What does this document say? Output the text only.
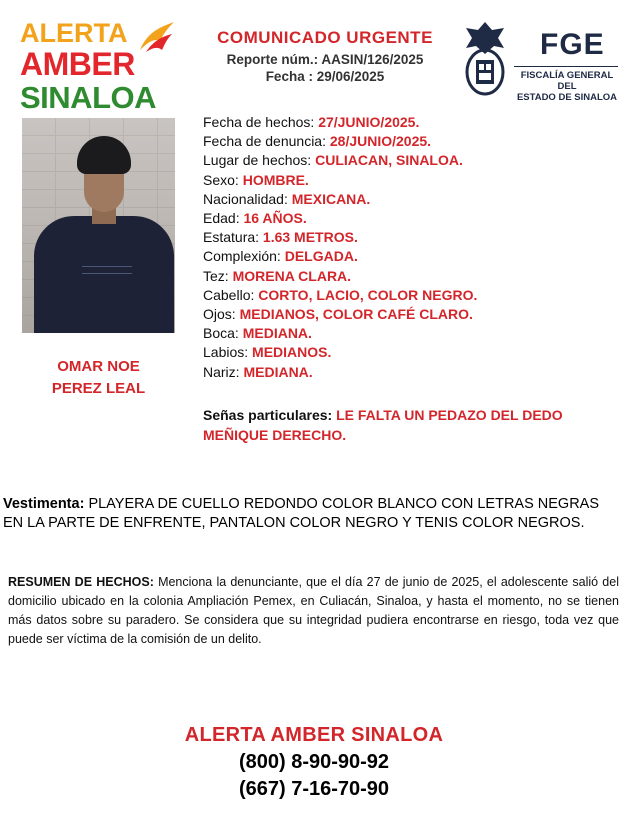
ALERTA
AMBER
SINALOA
COMUNICADO URGENTE
Reporte núm.: AASIN/126/2025
Fecha : 29/06/2025
FGE
FISCALÍA GENERAL DEL
ESTADO DE SINALOA
OMAR NOE
PEREZ LEAL
Fecha de hechos: 27/JUNIO/2025.
Fecha de denuncia: 28/JUNIO/2025.
Lugar de hechos: CULIACAN, SINALOA.
Sexo: HOMBRE.
Nacionalidad: MEXICANA.
Edad: 16 AÑOS.
Estatura: 1.63 METROS.
Complexión: DELGADA.
Tez: MORENA CLARA.
Cabello: CORTO, LACIO, COLOR NEGRO.
Ojos: MEDIANOS, COLOR CAFÉ CLARO.
Boca: MEDIANA.
Labios: MEDIANOS.
Nariz: MEDIANA.
Señas particulares: LE FALTA UN PEDAZO DEL DEDO MEÑIQUE DERECHO.
Vestimenta: PLAYERA DE CUELLO REDONDO COLOR BLANCO CON LETRAS NEGRAS EN LA PARTE DE ENFRENTE, PANTALON COLOR NEGRO Y TENIS COLOR NEGROS.
RESUMEN DE HECHOS: Menciona la denunciante, que el día 27 de junio de 2025, el adolescente salió del domicilio ubicado en la colonia Ampliación Pemex, en Culiacán, Sinaloa, y hasta el momento, no se tienen más datos sobre su paradero. Se considera que su integridad pudiera encontrarse en riesgo, toda vez que puede ser víctima de la comisión de un delito.
ALERTA AMBER SINALOA
(800) 8-90-90-92
(667) 7-16-70-90
